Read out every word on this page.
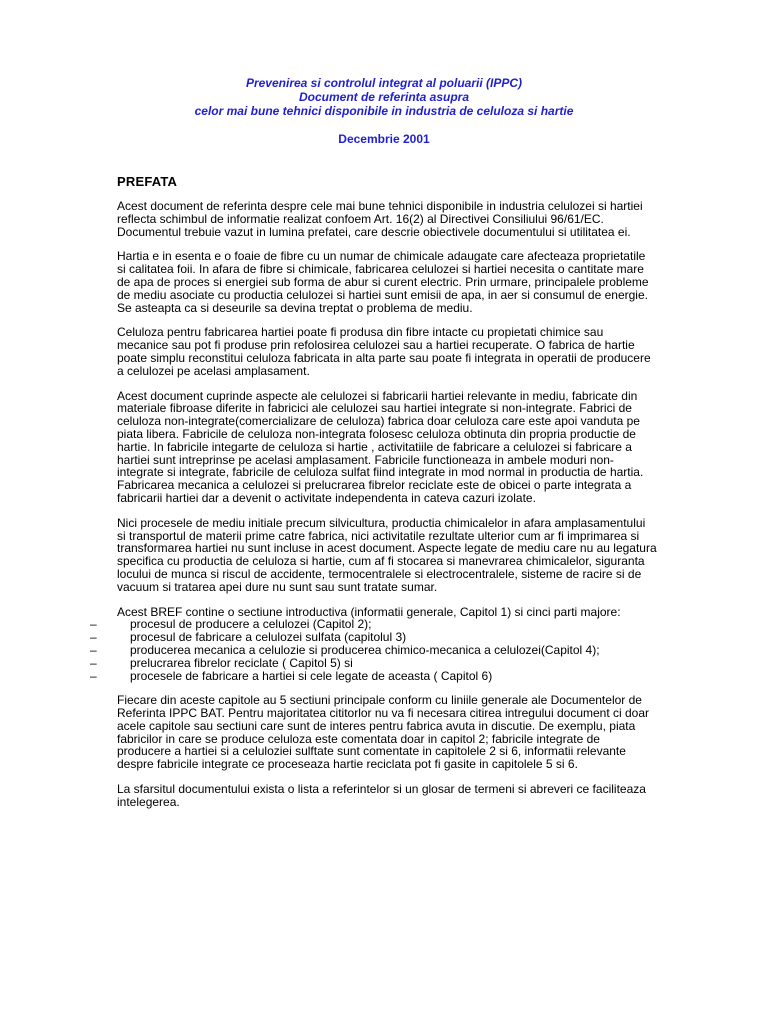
Prevenirea si controlul integrat al poluarii (IPPC)
Document de referinta asupra
celor mai bune tehnici disponibile in industria de celuloza si hartie
Decembrie 2001
PREFATA

Acest document de referinta despre cele mai bune tehnici disponibile in industria celulozei si hartiei reflecta schimbul de informatie realizat confoem Art. 16(2) al Directivei Consiliului 96/61/EC. Documentul trebuie vazut in lumina prefatei, care descrie obiectivele documentului si utilitatea ei.

Hartia e in esenta e o foaie de fibre cu un numar de chimicale adaugate care afecteaza proprietatile si calitatea foii. In afara de fibre si chimicale, fabricarea celulozei si hartiei necesita o cantitate mare de apa de proces si energiei sub forma de abur si curent electric. Prin urmare, principalele probleme de mediu asociate cu productia celulozei si hartiei sunt emisii de apa, in aer si consumul de energie. Se asteapta ca si deseurile sa devina treptat o problema de mediu.

Celuloza pentru fabricarea hartiei poate fi produsa din fibre intacte cu propietati chimice sau mecanice sau pot fi produse prin refolosirea celulozei sau a hartiei recuperate. O fabrica de hartie poate simplu reconstitui celuloza fabricata in alta parte sau poate fi integrata in operatii de producere a celulozei pe acelasi amplasament.

Acest document cuprinde aspecte ale celulozei si fabricarii hartiei relevante in mediu, fabricate din materiale fibroase diferite in fabricici ale celulozei sau hartiei integrate si non-integrate. Fabrici de celuloza non-integrate(comercializare de celuloza) fabrica doar celuloza care este apoi vanduta pe piata libera. Fabricile de celuloza non-integrata folosesc celuloza obtinuta din propria productie de hartie. In fabricile integarte de celuloza si hartie , activitatiile de fabricare a celulozei si fabricare a hartiei sunt intreprinse pe acelasi amplasament. Fabricile functioneaza in ambele moduri non-integrate si integrate, fabricile de celuloza sulfat fiind integrate in mod normal in productia de hartia. Fabricarea mecanica a celulozei si prelucrarea fibrelor reciclate este de obicei o parte integrata a fabricarii hartiei dar a devenit o activitate independenta in cateva cazuri izolate.

Nici procesele de mediu initiale precum silvicultura, productia chimicalelor in afara amplasamentului si transportul de materii prime catre fabrica, nici activitatile rezultate ulterior cum ar fi imprimarea si transformarea hartiei nu sunt incluse in acest document. Aspecte legate de mediu care nu au legatura specifica cu productia de celuloza si hartie, cum af fi stocarea si manevrarea chimicalelor, siguranta locului de munca si riscul de accidente, termocentralele si electrocentralele, sisteme de racire si de vacuum si tratarea apei dure nu sunt sau sunt tratate sumar.

Acest BREF contine o sectiune introductiva (informatii generale, Capitol 1) si cinci parti majore:

–	procesul de producere a celulozei (Capitol 2);
–	procesul de fabricare a celulozei sulfata (capitolul 3)
–	producerea mecanica a celulozie si producerea chimico-mecanica a celulozei(Capitol 4);
–	prelucrarea fibrelor reciclate ( Capitol 5) si
–	procesele de fabricare a hartiei si cele legate de aceasta ( Capitol 6)

Fiecare din aceste capitole au 5 sectiuni principale conform cu liniile generale ale Documentelor de Referinta IPPC BAT. Pentru majoritatea cititorlor nu va fi necesara citirea intregului document ci doar acele capitole sau sectiuni care sunt de interes pentru fabrica avuta in discutie. De exemplu, piata fabricilor in care se produce celuloza este comentata doar in capitol 2; fabricile integrate de producere a hartiei si a celuloziei sulftate sunt comentate in capitolele 2 si 6, informatii relevante despre fabricile integrate ce proceseaza hartie reciclata pot fi gasite in capitolele 5 si 6.

La sfarsitul documentului exista o lista a referintelor si un glosar de termeni si abreveri ce faciliteaza intelegerea.
